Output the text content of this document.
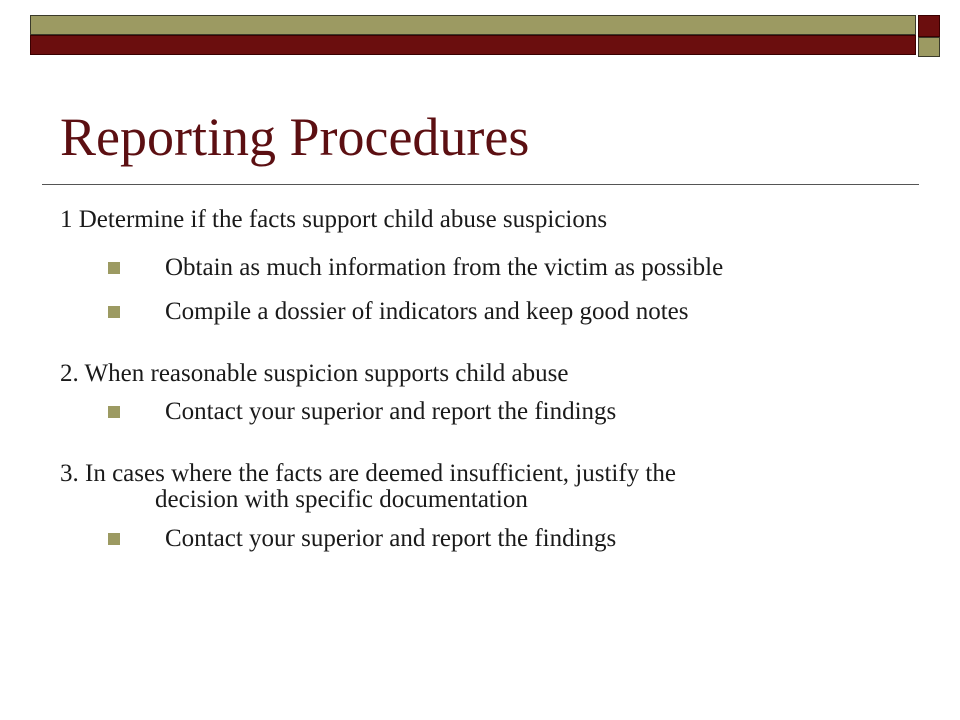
Reporting Procedures
1 Determine if the facts support child abuse suspicions
Obtain as much information from the victim as possible
Compile a dossier of indicators and keep good notes
2. When reasonable suspicion supports child abuse
Contact your superior and report the findings
3. In cases where the facts are deemed insufficient, justify the
decision with specific documentation
Contact your superior and report the findings
